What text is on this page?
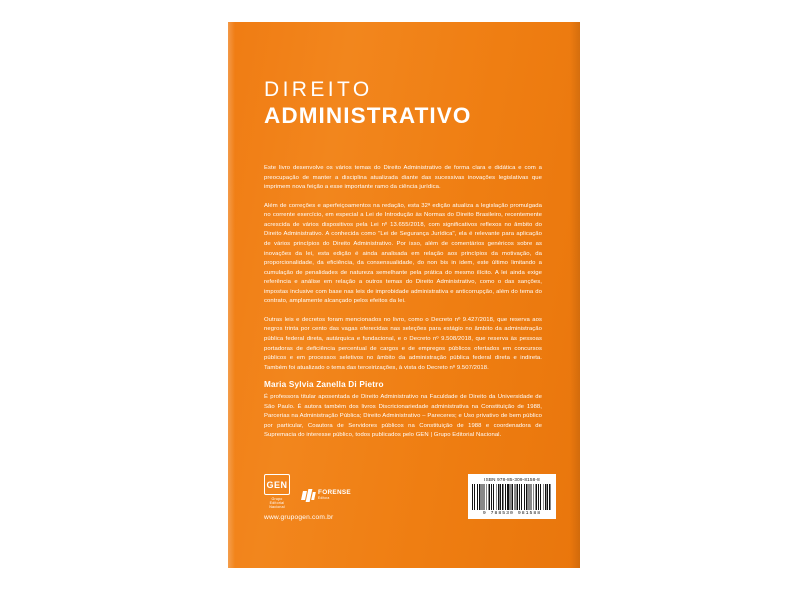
DIREITO
ADMINISTRATIVO

Este livro desenvolve os vários temas do Direito Administrativo de forma clara e didática e com a preocupação de manter a disciplina atualizada diante das sucessivas inovações legislativas que imprimem nova feição a esse importante ramo da ciência jurídica.

Além de correções e aperfeiçoamentos na redação, esta 32ª edição atualiza a legislação promulgada no corrente exercício, em especial a Lei de Introdução às Normas do Direito Brasileiro, recentemente acrescida de vários dispositivos pela Lei nº 13.655/2018, com significativos reflexos no âmbito do Direito Administrativo. A conhecida como "Lei de Segurança Jurídica", ela é relevante para aplicação de vários princípios do Direito Administrativo. Por isso, além de comentários genéricos sobre as inovações da lei, esta edição é ainda analisada em relação aos princípios da motivação, da proporcionalidade, da eficiência, da consensualidade, do non bis in idem, este último limitando a cumulação de penalidades de natureza semelhante pela prática do mesmo ilícito. A lei ainda exige referência e análise em relação a outros temas do Direito Administrativo, como o das sanções, impostas inclusive com base nas leis de improbidade administrativa e anticorrupção, além do tema do contrato, amplamente alcançado pelos efeitos da lei.

Outras leis e decretos foram mencionados no livro, como o Decreto nº 9.427/2018, que reserva aos negros trinta por cento das vagas oferecidas nas seleções para estágio no âmbito da administração pública federal direta, autárquica e fundacional, e o Decreto nº 9.508/2018, que reserva às pessoas portadoras de deficiência percentual de cargos e de empregos públicos ofertados em concursos públicos e em processos seletivos no âmbito da administração pública federal direta e indireta. Também foi atualizado o tema das terceirizações, à vista do Decreto nº 9.507/2018.

Maria Sylvia Zanella Di Pietro

É professora titular aposentada de Direito Administrativo na Faculdade de Direito da Universidade de São Paulo. É autora também dos livros Discricionariedade administrativa na Constituição de 1988, Parcerias na Administração Pública; Direito Administrativo – Pareceres; e Uso privativo de bem público por particular, Coautora de Servidores públicos na Constituição de 1988 e coordenadora de Supremacia do interesse público, todos publicados pelo GEN | Grupo Editorial Nacional.

GEN
Grupo Editorial Nacional
FORENSE
Editora
www.grupogen.com.br
ISBN 978-85-309-8158-8
9 788530 981588
